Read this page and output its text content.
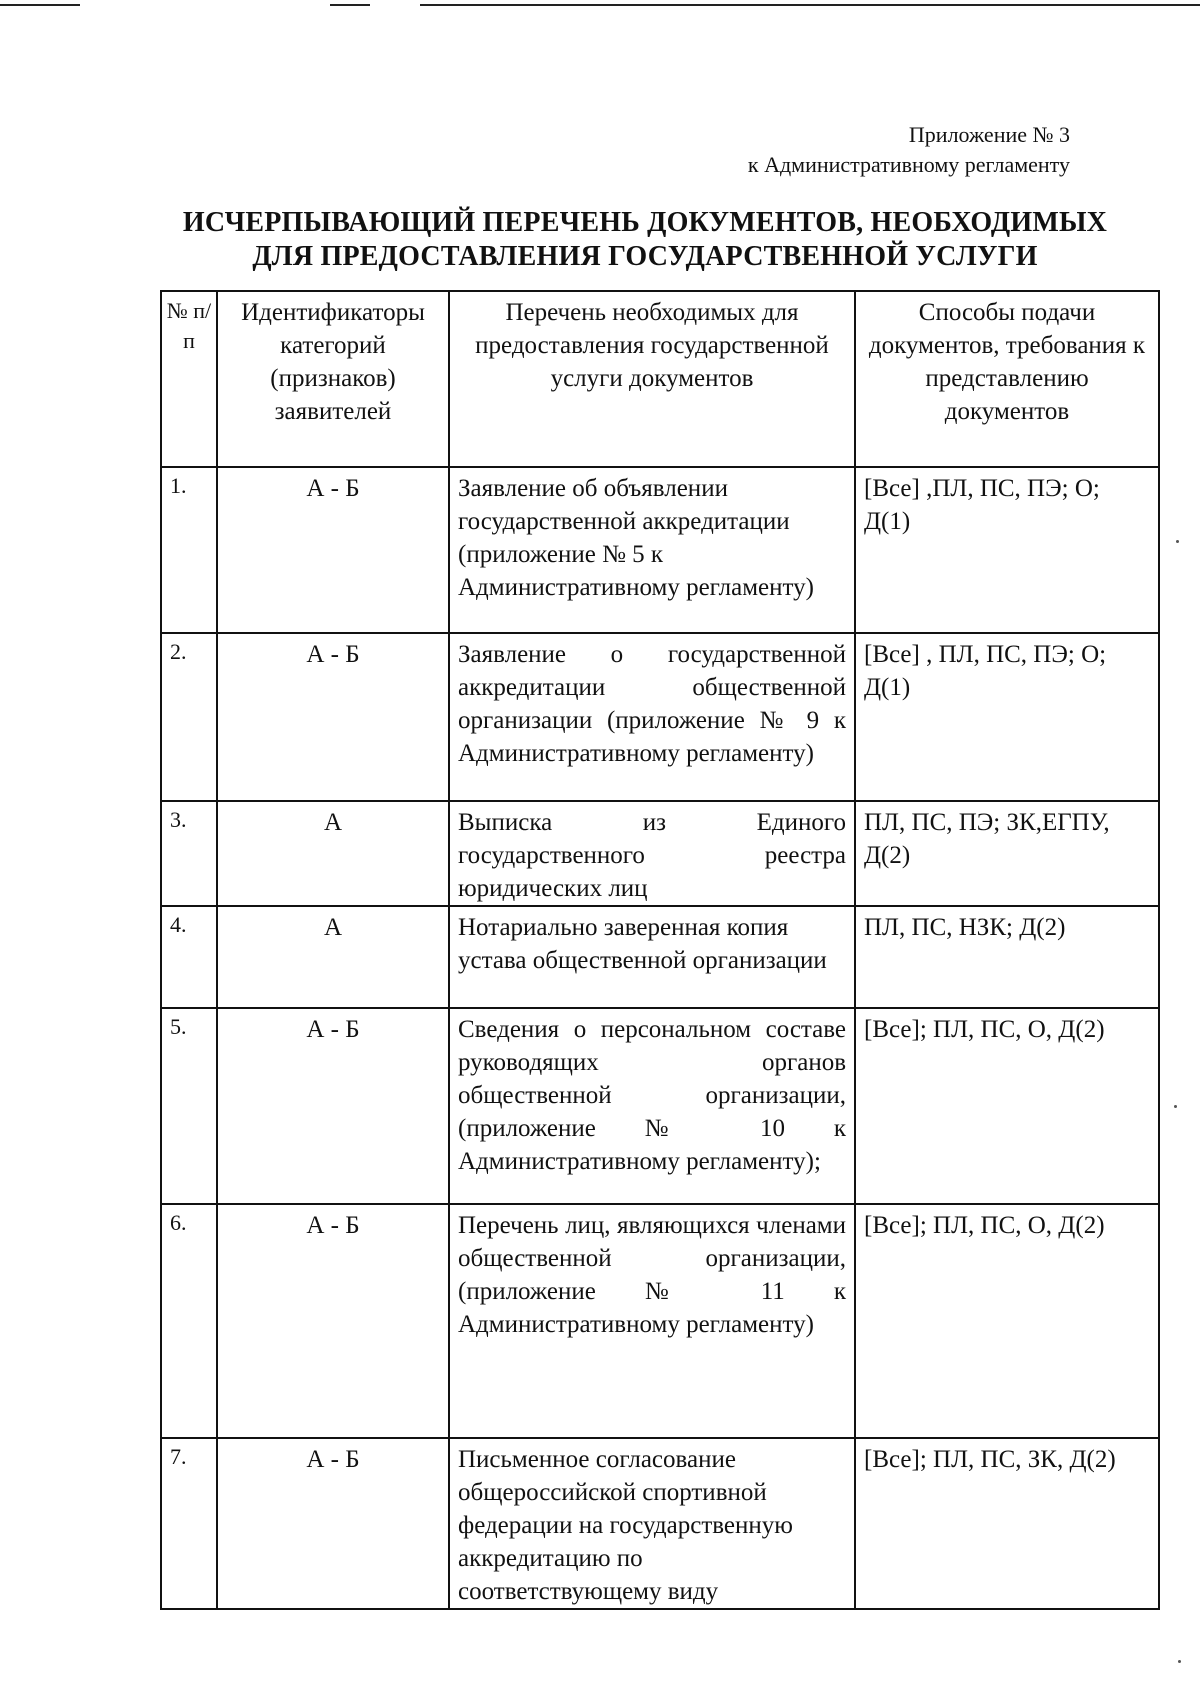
Приложение № 3
к Административному регламенту
ИСЧЕРПЫВАЮЩИЙ ПЕРЕЧЕНЬ ДОКУМЕНТОВ, НЕОБХОДИМЫХ
ДЛЯ ПРЕДОСТАВЛЕНИЯ ГОСУДАРСТВЕННОЙ УСЛУГИ
№ п/п	Идентификаторы категорий (признаков) заявителей	Перечень необходимых для предоставления государственной услуги документов	Способы подачи документов, требования к представлению документов
1.	А - Б	Заявление об объявлении государственной аккредитации (приложение № 5 к Административному регламенту)	[Все] ,ПЛ, ПС, ПЭ; О; Д(1)
2.	А - Б	Заявление о государственной аккредитации общественной организации (приложение № 9 к Административному регламенту)	[Все] , ПЛ, ПС, ПЭ; О; Д(1)
3.	А	Выписка из Единого государственного реестра юридических лиц	ПЛ, ПС, ПЭ; ЗК,ЕГПУ, Д(2)
4.	А	Нотариально заверенная копия устава общественной организации	ПЛ, ПС, НЗК; Д(2)
5.	А - Б	Сведения о персональном составе руководящих органов общественной организации, (приложение № 10 к Административному регламенту);	[Все]; ПЛ, ПС, О, Д(2)
6.	А - Б	Перечень лиц, являющихся членами общественной организации, (приложение № 11 к Административному регламенту)	[Все]; ПЛ, ПС, О, Д(2)
7.	А - Б	Письменное согласование общероссийской спортивной федерации на государственную аккредитацию по соответствующему виду	[Все]; ПЛ, ПС, ЗК, Д(2)
